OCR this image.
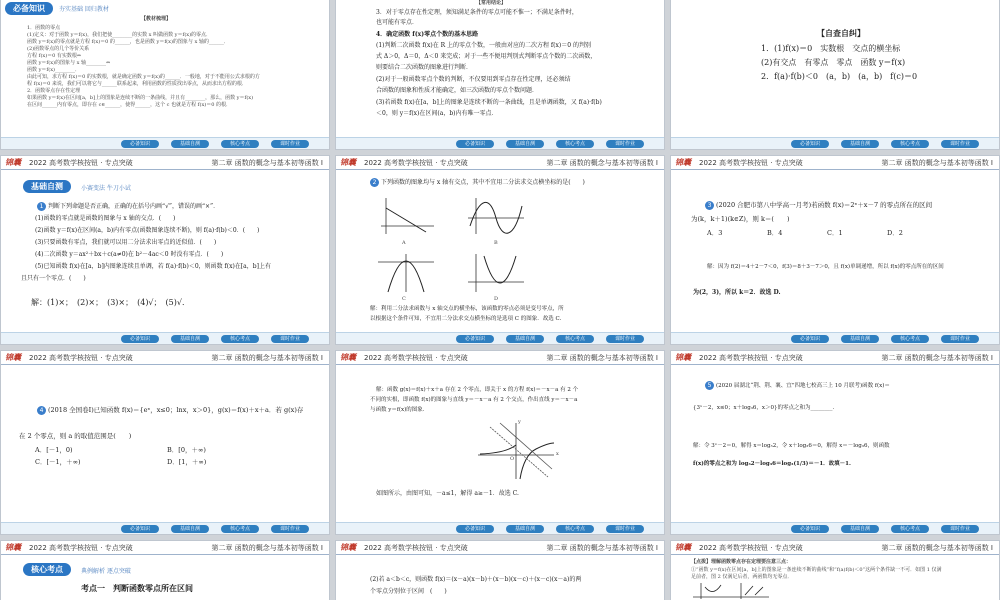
必备知识	夯实基础 回归教材
【教材梳理】
1．函数的零点
(1)定义：对于函数 y＝f(x)，我们把使________的实数 x 叫做函数 y＝f(x)的零点．
函数 y＝f(x)的零点就是方程 f(x)＝0 的______，也是函数 y＝f(x)的图象与 x 轴的______．
(2)函数零点的几个等价关系
方程 f(x)＝0 有实数根⇔
函数 y＝f(x)的图象与 x 轴________⇔
函数 y＝f(x)________．
由此可知，求方程 f(x)＝0 的实数根，就是确定函数 y＝f(x)的______．一般地，对于不能用公式求根的方
程 f(x)＝0 来说，我们可以将它与______联系起来，利用函数的性质找出零点，从而求出方程的根．
2．函数零点存在性定理
如果函数 y＝f(x)在区间[a，b]上的图象是连续不断的一条曲线，并且有________，那么，函数 y＝f(x)
在区间______内有零点，即存在 c∈______，使得______，这个 c 也就是方程 f(x)＝0 的根．
必备知识	基础自测	核心考点	课时作业
【常用结论】
3．对于零点存在性定理，须知满足条件的零点可能不惟一；不满足条件时，
也可能有零点．
4．确定函数 f(x)零点个数的基本思路
(1)判断二次函数 f(x)在 R 上的零点个数，一般由对应的二次方程 f(x)＝0 的判别
式 Δ＞0，Δ＝0，Δ＜0 来完成；对于一些不便用判别式判断零点个数的二次函数，
则要结合二次函数的图象进行判断．
(2)对于一般函数零点个数的判断，不仅要用到零点存在性定理，还必须结
合函数的图象和性质才能确定，如三次函数的零点个数问题．
(3)若函数 f(x)在[a，b]上的图象是连续不断的一条曲线，且是单调函数，又 f(a)·f(b)
＜0，则 y＝f(x)在区间(a，b)内有唯一零点．
必备知识	基础自测	核心考点	课时作业
【自查自纠】
1．(1)f(x)＝0　实数根　交点的横坐标
(2)有交点　有零点　零点　函数 y＝f(x)
2．f(a)·f(b)＜0　(a，b)　(a，b)　f(c)＝0
必备知识	基础自测	核心考点	课时作业
锦囊 2022 高考数学核按钮 · 专点突破	第二章 函数的概念与基本初等函数 Ⅰ
基础自测	小赛变法 牛刀小试
1 判断下列命题是否正确，正确的在括号内画“√”，错误的画“×”．
(1)函数的零点就是函数的图象与 x 轴的交点．(　　)
(2)函数 y＝f(x)在区间(a，b)内有零点(函数图象连续不断)，则 f(a)·f(b)＜0．(　　)
(3)只要函数有零点，我们就可以用二分法求出零点的近似值．(　　)
(4)二次函数 y＝ax²＋bx＋c(a≠0)在 b²－4ac＜0 时没有零点．(　　)
(5)已知函数 f(x)在[a，b]内图象连续且单调，若 f(a)·f(b)＜0，则函数 f(x)在[a，b]上有
且只有一个零点．(　　)
解：(1)×；　(2)×；　(3)×；　(4)√；　(5)√．
必备知识	基础自测	核心考点	课时作业
锦囊 2022 高考数学核按钮 · 专点突破	第二章 函数的概念与基本初等函数 Ⅰ
2 下列函数的图象均与 x 轴有交点，其中不宜用二分法求交点横坐标的是(　　)
A	B
C	D
解：利用二分法求函数与 x 轴交点的横坐标，该函数的零点必须是变号零点，所
以根据这个条件可知，不宜用二分法求交点横坐标的是选项 C 的图象．故选 C.
必备知识	基础自测	核心考点	课时作业
锦囊 2022 高考数学核按钮 · 专点突破	第二章 函数的概念与基本初等函数 Ⅰ
3 (2020 合肥市第八中学高一月考)若函数 f(x)＝2ˣ＋x－7 的零点所在的区间
为(k，k＋1)(k∈Z)，则 k＝(　　)
A．3	B．4	C．1	D．2
解：因为 f(2)＝4＋2－7＜0，f(3)＝8＋3－7＞0，且 f(x)单调递增，所以 f(x)的零点所在的区间
为(2，3)，所以 k＝2．故选 D.
必备知识	基础自测	核心考点	课时作业
锦囊 2022 高考数学核按钮 · 专点突破	第二章 函数的概念与基本初等函数 Ⅰ
4 (2018 全国卷Ⅰ)已知函数 f(x)＝{eˣ，x≤0；lnx，x＞0}，g(x)＝f(x)＋x＋a．若 g(x)存
在 2 个零点，则 a 的取值范围是(　　)
A．[－1，0)	B．[0，＋∞)
C．[－1，＋∞)	D．[1，＋∞)
必备知识	基础自测	核心考点	课时作业
锦囊 2022 高考数学核按钮 · 专点突破	第二章 函数的概念与基本初等函数 Ⅰ
解：函数 g(x)＝f(x)＋x＋a 存在 2 个零点，即关于 x 的方程 f(x)＝－x－a 有 2 个
不同的实根，即函数 f(x)的图象与直线 y＝－x－a 有 2 个交点，作出直线 y＝－x－a
与函数 y＝f(x)的图象．
O
x
y
如图所示，由图可知，－a≤1，解得 a≥－1．故选 C.
必备知识	基础自测	核心考点	课时作业
锦囊 2022 高考数学核按钮 · 专点突破	第二章 函数的概念与基本初等函数 Ⅰ
5 (2020 届湖北“荆、荆、襄、宜”四地七校高三上 10 月联考)函数 f(x)＝
{3ˣ－2，x≤0；x＋log₃6，x＞0}的零点之和为________．
解：令 3ˣ－2＝0，解得 x＝log₃2，令 x＋log₃6＝0，解得 x＝－log₃6，则函数
f(x)的零点之和为 log₃2－log₃6＝log₃(1/3)＝－1．故填－1.
必备知识	基础自测	核心考点	课时作业
锦囊 2022 高考数学核按钮 · 专点突破	第二章 函数的概念与基本初等函数 Ⅰ
核心考点	典例解析 逐点突破
考点一　判断函数零点所在区间
锦囊 2022 高考数学核按钮 · 专点突破	第二章 函数的概念与基本初等函数 Ⅰ
(2)若 a＜b＜c，则函数 f(x)＝(x－a)(x－b)＋(x－b)(x－c)＋(x－c)(x－a)的两
个零点分别位于区间　(　　)
锦囊 2022 高考数学核按钮 · 专点突破	第二章 函数的概念与基本初等函数 Ⅰ
【点拨】理解函数零点存在定理要注意三点：
①“函数 y＝f(x)在区间[a，b]上的图象是一条连续不断的曲线”和“f(a)f(b)＜0”这两个条件缺一不可．如图 1 仅满
足前者，图 2 仅满足后者，两函数均无零点．
